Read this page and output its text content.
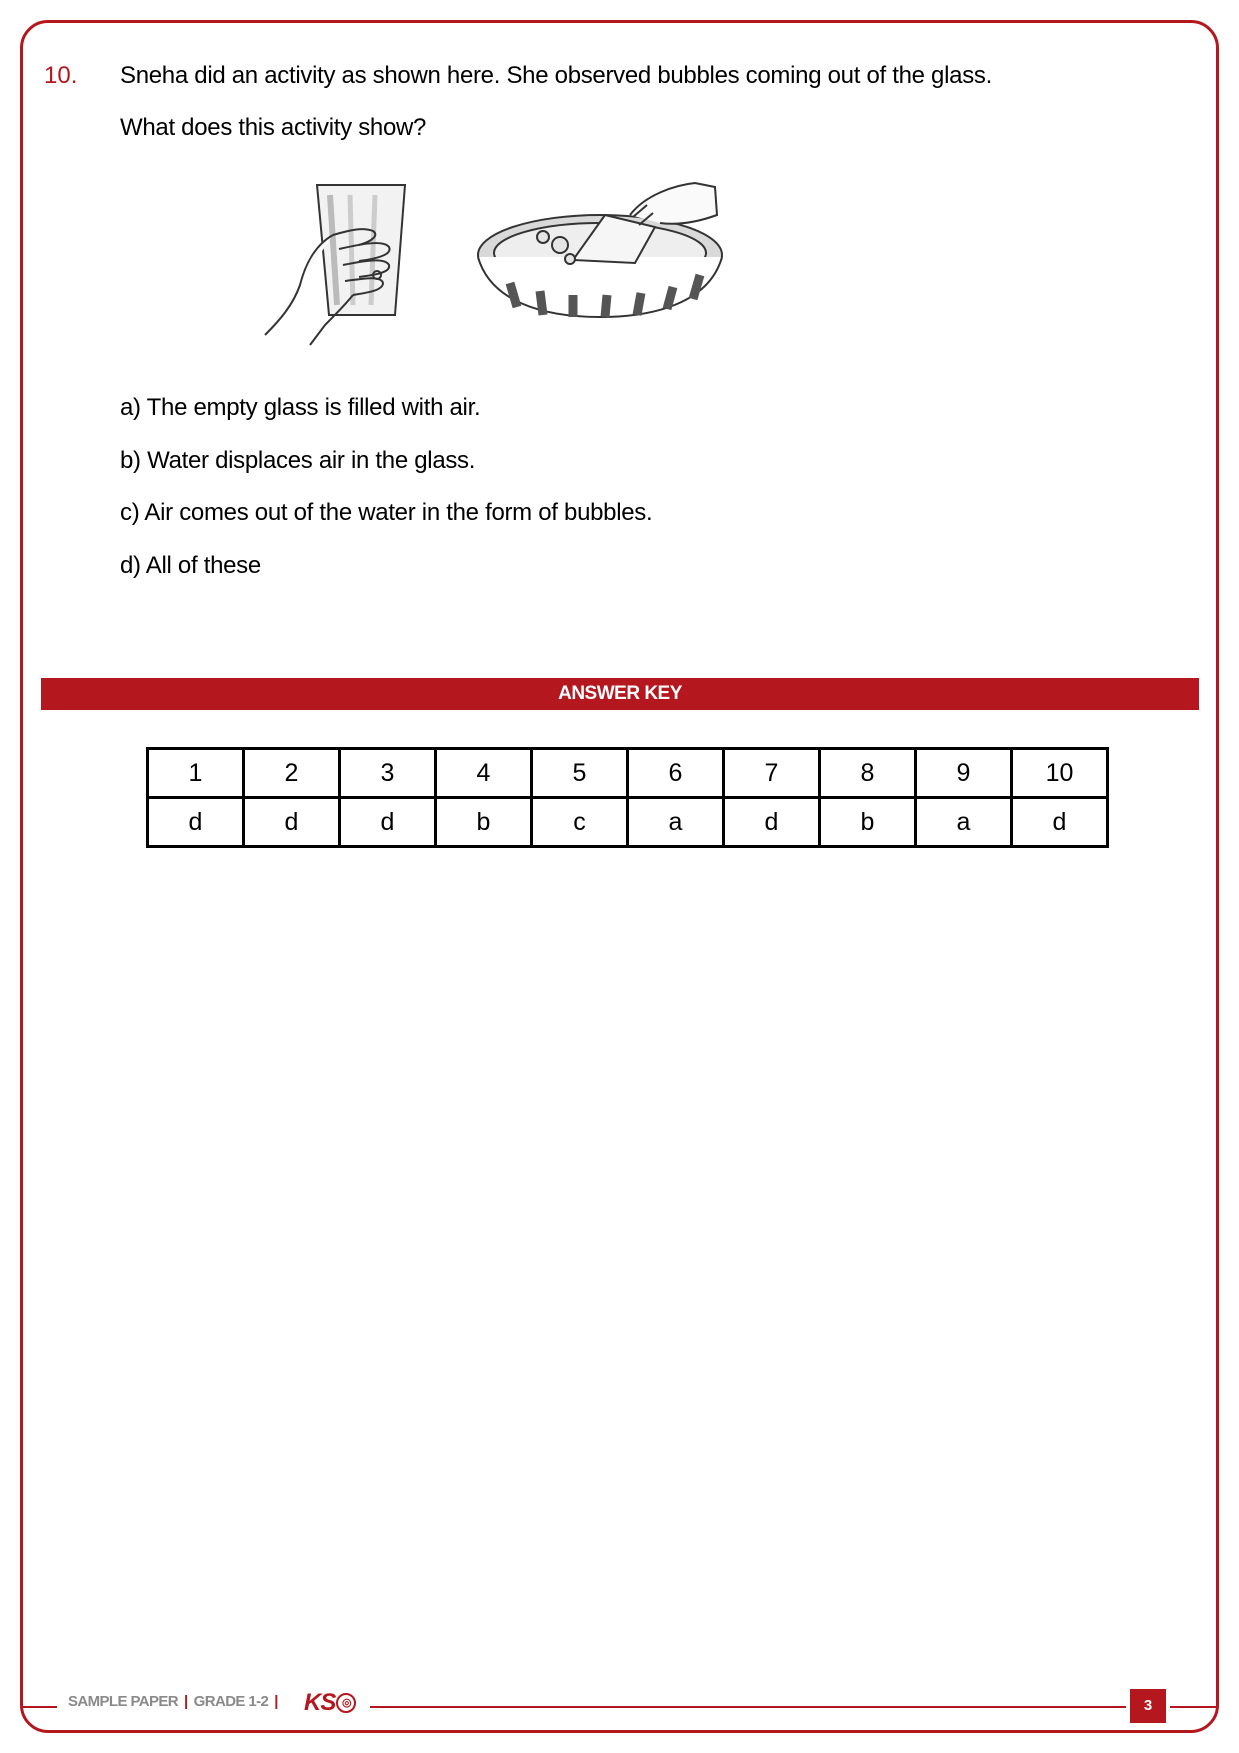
10. Sneha did an activity as shown here. She observed bubbles coming out of the glass.
What does this activity show?
a) The empty glass is filled with air.
b) Water displaces air in the glass.
c) Air comes out of the water in the form of bubbles.
d) All of these
ANSWER KEY
1	2	3	4	5	6	7	8	9	10
d	d	d	b	c	a	d	b	a	d
SAMPLE PAPER | GRADE 1-2 | KS ◎	3
